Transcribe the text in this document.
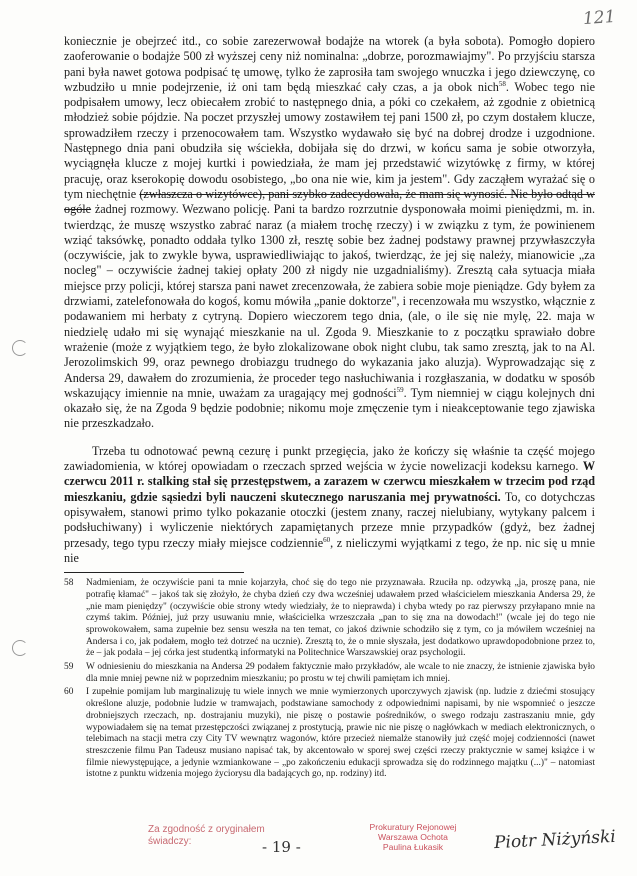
121

koniecznie je obejrzeć itd., co sobie zarezerwował bodajże na wtorek (a była sobota). Pomogło dopiero zaoferowanie o bodajże 500 zł wyższej ceny niż nominalna: „dobrze, porozmawiajmy". Po przyjściu starsza pani była nawet gotowa podpisać tę umowę, tylko że zaprosiła tam swojego wnuczka i jego dziewczynę, co wzbudziło u mnie podejrzenie, iż oni tam będą mieszkać cały czas, a ja obok nich$^{58}$. Wobec tego nie podpisałem umowy, lecz obiecałem zrobić to następnego dnia, a póki co czekałem, aż zgodnie z obietnicą młodzież sobie pójdzie. Na poczet przyszłej umowy zostawiłem tej pani 1500 zł, po czym dostałem klucze, sprowadziłem rzeczy i przenocowałem tam. Wszystko wydawało się być na dobrej drodze i uzgodnione. Następnego dnia pani obudziła się wściekła, dobijała się do drzwi, w końcu sama je sobie otworzyła, wyciągnęła klucze z mojej kurtki i powiedziała, że mam jej przedstawić wizytówkę z firmy, w której pracuję, oraz kserokopię dowodu osobistego, „bo ona nie wie, kim ja jestem". Gdy zacząłem wyrażać się o tym niechętnie (zwłaszcza o wizytówce), pani szybko zadecydowała, że mam się wynosić. Nie było odtąd w ogóle żadnej rozmowy. Wezwano policję. Pani ta bardzo rozrzutnie dysponowała moimi pieniędzmi, m. in. twierdząc, że muszę wszystko zabrać naraz (a miałem trochę rzeczy) i w związku z tym, że powinienem wziąć taksówkę, ponadto oddała tylko 1300 zł, resztę sobie bez żadnej podstawy prawnej przywłaszczyła (oczywiście, jak to zwykle bywa, usprawiedliwiając to jakoś, twierdząc, że jej się należy, mianowicie „za nocleg" – oczywiście żadnej takiej opłaty 200 zł nigdy nie uzgadnialiśmy). Zresztą cała sytuacja miała miejsce przy policji, której starsza pani nawet zrecenzowała, że zabiera sobie moje pieniądze. Gdy byłem za drzwiami, zatelefonowała do kogoś, komu mówiła „panie doktorze", i recenzowała mu wszystko, włącznie z podawaniem mi herbaty z cytryną. Dopiero wieczorem tego dnia, (ale, o ile się nie mylę, 22. maja w niedzielę udało mi się wynająć mieszkanie na ul. Zgoda 9. Mieszkanie to z początku sprawiało dobre wrażenie (może z wyjątkiem tego, że było zlokalizowane obok night clubu, tak samo zresztą, jak to na Al. Jerozolimskich 99, oraz pewnego drobiazgu trudnego do wykazania jako aluzja). Wyprowadzając się z Andersa 29, dawałem do zrozumienia, że proceder tego nasłuchiwania i rozgłaszania, w dodatku w sposób wskazujący imiennie na mnie, uważam za uragający mej godności$^{59}$. Tym niemniej w ciągu kolejnych dni okazało się, że na Zgoda 9 będzie podobnie; nikomu moje zmęczenie tym i nieakceptowanie tego zjawiska nie przeszkadzało.

Trzeba tu odnotować pewną cezurę i punkt przegięcia, jako że kończy się właśnie ta część mojego zawiadomienia, w której opowiadam o rzeczach sprzed wejścia w życie nowelizacji kodeksu karnego. W czerwcu 2011 r. stalking stał się przestępstwem, a zarazem w czerwcu mieszkałem w trzecim pod rząd mieszkaniu, gdzie sąsiedzi byli nauczeni skutecznego naruszania mej prywatności. To, co dotychczas opisywałem, stanowi primo tylko pokazanie otoczki (jestem znany, raczej nielubiany, wytykany palcem i podsłuchiwany) i wyliczenie niektórych zapamiętanych przeze mnie przypadków (gdyż, bez żadnej przesady, tego typu rzeczy miały miejsce codziennie$^{60}$, z nieliczymi wyjątkami z tego, że np. nic się u mnie nie

58 Nadmieniam, że oczywiście pani ta mnie kojarzyła, choć się do tego nie przyznawała. Rzuciła np. odzywką „ja, proszę pana, nie potrafię kłamać" – jakoś tak się złożyło, że chyba dzień czy dwa wcześniej udawałem przed właścicielem mieszkania Andersa 29, że „nie mam pieniędzy" (oczywiście obie strony wtedy wiedziały, że to nieprawda) i chyba wtedy po raz pierwszy przyłapano mnie na czymś takim. Później, już przy usuwaniu mnie, właścicielka wrzeszczała „pan to się zna na dowodach!" (wcale jej do tego nie sprowokowałem, sama zupełnie bez sensu weszła na ten temat, co jakoś dziwnie schodziło się z tym, co ja mówiłem wcześniej na Andersa i co, jak podałem, mogło też dotrzeć na ucznie). Zresztą to, że o mnie słyszała, jest dodatkowo uprawdopodobnione przez to, że – jak podała – jej córka jest studentką informatyki na Politechnice Warszawskiej oraz psychologii.

59 W odniesieniu do mieszkania na Andersa 29 podałem faktycznie mało przykładów, ale wcale to nie znaczy, że istnienie zjawiska było dla mnie mniej pewne niż w poprzednim mieszkaniu; po prostu w tej chwili pamiętam ich mniej.

60 I zupełnie pomijam lub marginalizuję tu wiele innych we mnie wymierzonych uporczywych zjawisk (np. ludzie z dziećmi stosujący określone aluzje, podobnie ludzie w tramwajach, podstawiane samochody z odpowiednimi napisami, by nie wspomnieć o jeszcze drobniejszych rzeczach, np. dostrajaniu muzyki), nie piszę o postawie pośredników, o swego rodzaju zastraszaniu mnie, gdy wypowiadałem się na temat przestępczości związanej z prostytucją, prawie nic nie piszę o nagłówkach w mediach elektronicznych, o telebimach na stacji metra czy City TV wewnątrz wagonów, które przecież niemalże stanowiły już część mojej codzienności (nawet streszczenie filmu Pan Tadeusz musiano napisać tak, by akcentowało w sporej swej części rzeczy praktycznie w samej książce i w filmie niewystępujące, a jedynie wzmiankowane – „po zakończeniu edukacji sprowadza się do rodzinnego majątku (...)" – natomiast istotne z punktu widzenia mojego życiorysu dla badających go, np. rodziny) itd.

Za zgodność z oryginałem
świadczy:
Prokuratury Rejonowej
Warszawa Ochota
Paulina Łukasik
- 19 -	Piotr Niżyński
